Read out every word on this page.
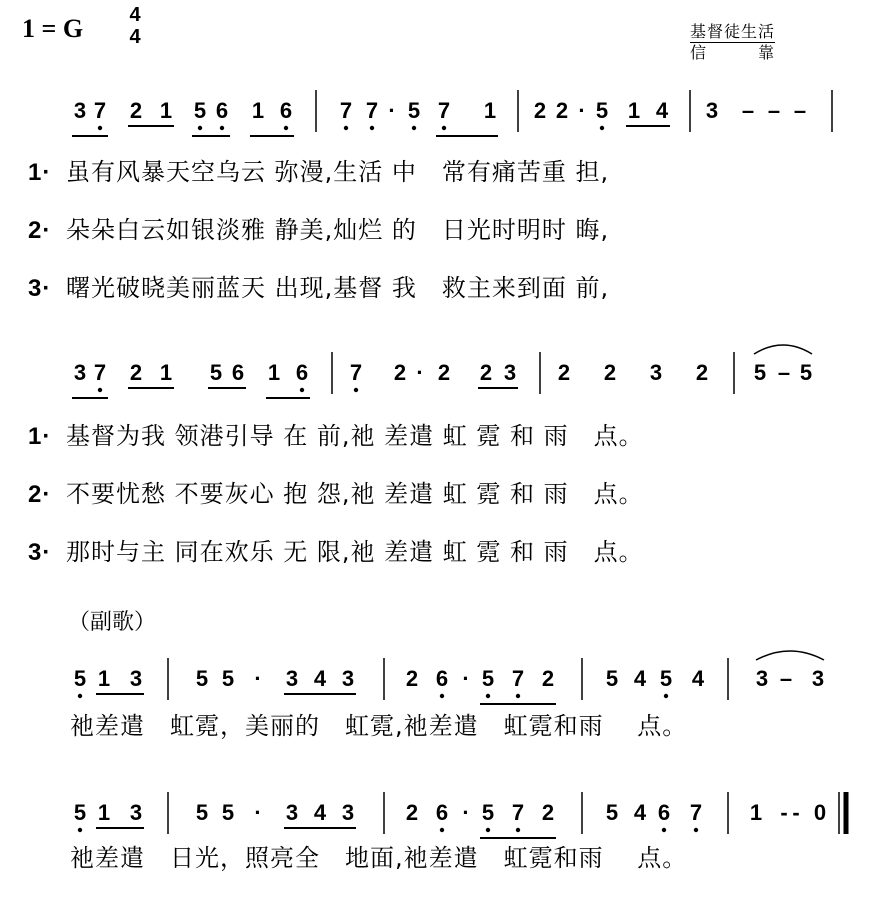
1 = G 4
4	基督徒生活
信　　　靠
3 7 2 1 5 6 1 6 7 7 · 5 7 1 2 2 · 5 1 4 3 – – –
3 7 2 1 5 6 1 6 7 2 · 2 2 3 2 2 3 2 5 – 5
5 1 3 5 5 · 3 4 3 2 6 · 5 7 2 5 4 5 4 3 – 3
5 1 3 5 5 · 3 4 3 2 6 · 5 7 2 5 4 6 7 1 - - 0
1· 虽有风暴天空乌云 弥漫,生活 中　常有痛苦重 担,
2· 朵朵白云如银淡雅 静美,灿烂 的　日光时明时 晦,
3· 曙光破晓美丽蓝天 出现,基督 我　救主来到面 前,
1· 基督为我 领港引导 在 前,祂 差遣 虹 霓 和 雨　点。
2· 不要忧愁 不要灰心 抱 怨,祂 差遣 虹 霓 和 雨　点。
3· 那时与主 同在欢乐 无 限,祂 差遣 虹 霓 和 雨　点。
（副歌）
祂差遣　虹霓，美丽的　虹霓,祂差遣　虹霓和雨　 点。
祂差遣　日光，照亮全　地面,祂差遣　虹霓和雨　 点。
